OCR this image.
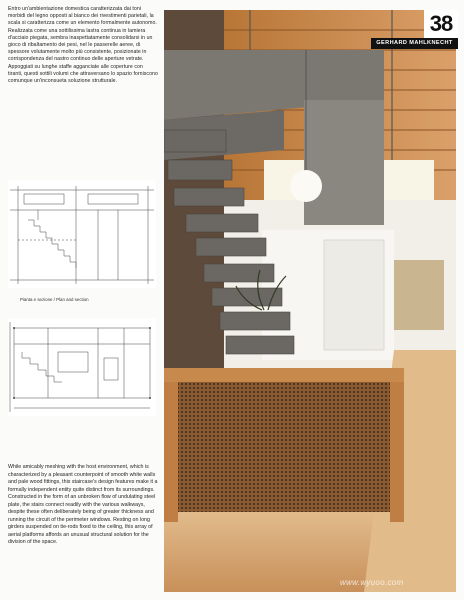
Entro un'ambientazione domestica caratterizzata dai toni morbidi del legno opposti al bianco dei rivestimenti parietali, la scala si caratterizza come un elemento formalmente autonomo. Realizzata come una sottilissima lastra continua in lamiera d'acciaio piegata, sembra inaspettatamente consolidarsi in un gioco di ribaltamento dei pesi, nel le passerelle aeree, di spessore volutamente molto più consistente, posizionate in corrispondenza del nastro continuo delle aperture vetrate. Appoggiati su lunghe staffe agganciate alle coperture con tiranti, questi sottili volumi che attraversano lo spazio forniscono comunque un'inconsueta soluzione strutturale.
Pianta e sezione / Plan and section
While amicably meshing with the host environment, which is characterized by a pleasant counterpoint of smooth white walls and pale wood fittings, this staircase's design features make it a formally independent entity quite distinct from its surroundings. Constructed in the form of an unbroken flow of undulating steel plate, the stairs connect readily with the various walkways, despite these often deliberately being of greater thickness and running the circuit of the perimeter windows. Resting on long girders suspended on tie-rods fixed to the ceiling, this array of aerial platforms affords an unusual structural solution for the division of the space.
38
GERHARD MAHLKNECHT
www.wyuoo.com
